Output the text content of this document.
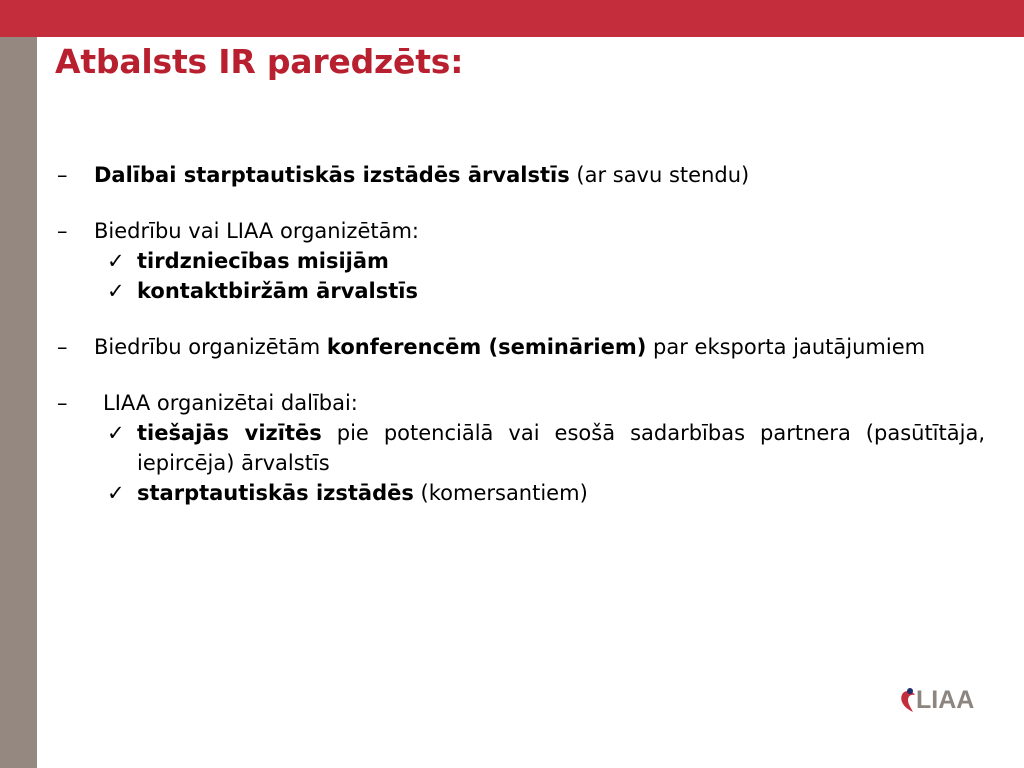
Atbalsts IR paredzēts:
–	Dalībai starptautiskās izstādēs ārvalstīs (ar savu stendu)
–	Biedrību vai LIAA organizētām:
✓ tirdzniecības misijām
✓ kontaktbiržām ārvalstīs
–	Biedrību organizētām konferencēm (semināriem) par eksporta jautājumiem
–	LIAA organizētai dalībai:
✓ tiešajās vizītēs pie potenciālā vai esošā sadarbības partnera (pasūtītāja, iepircēja) ārvalstīs
✓ starptautiskās izstādēs (komersantiem)
LIAA
